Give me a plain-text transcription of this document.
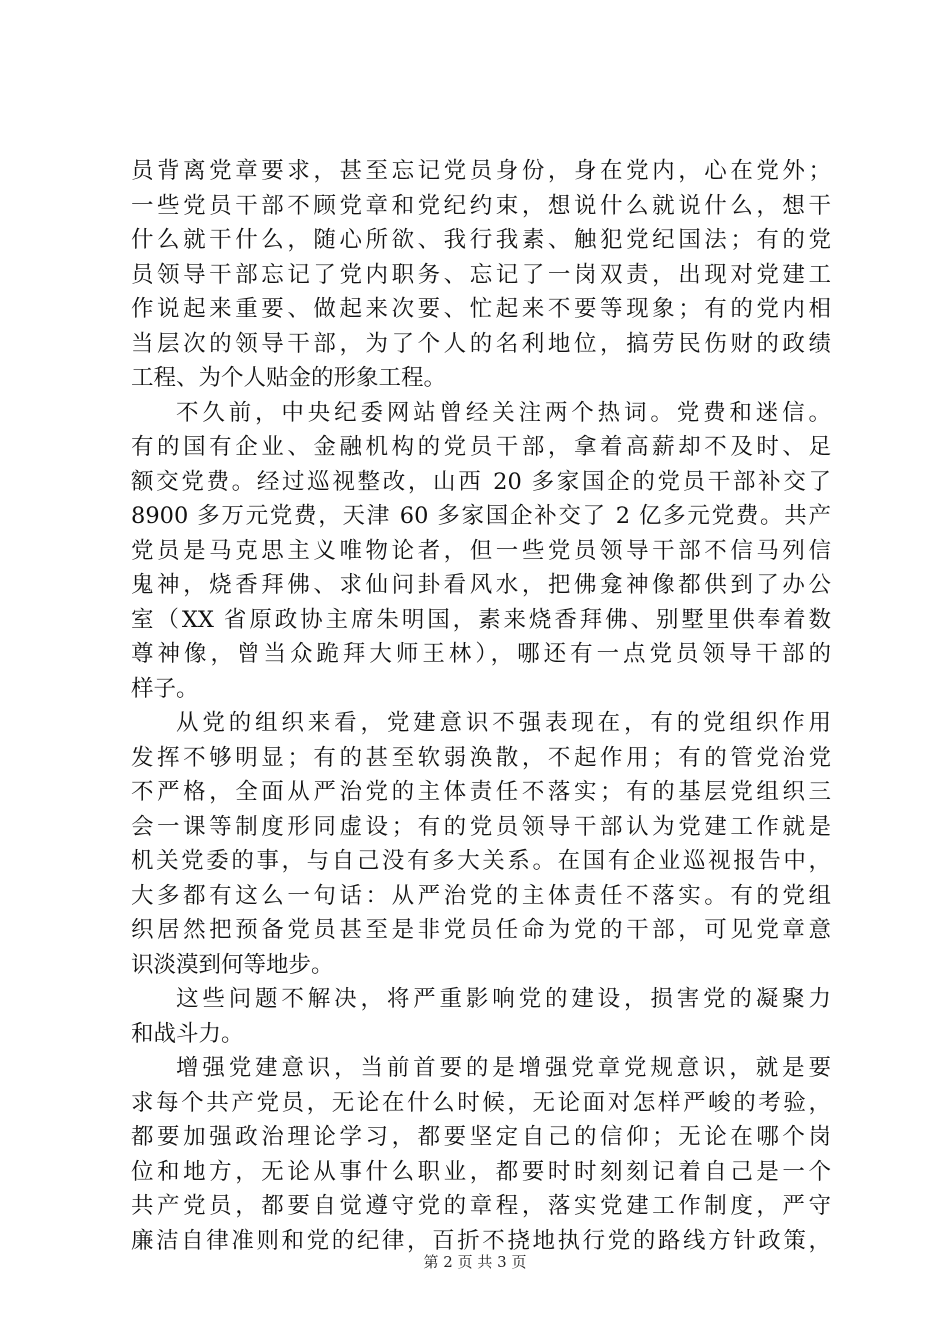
员背离党章要求，甚至忘记党员身份，身在党内，心在党外；
一些党员干部不顾党章和党纪约束，想说什么就说什么，想干
什么就干什么，随心所欲、我行我素、触犯党纪国法；有的党
员领导干部忘记了党内职务、忘记了一岗双责，出现对党建工
作说起来重要、做起来次要、忙起来不要等现象；有的党内相
当层次的领导干部，为了个人的名利地位，搞劳民伤财的政绩
工程、为个人贴金的形象工程。
不久前，中央纪委网站曾经关注两个热词。党费和迷信。
有的国有企业、金融机构的党员干部，拿着高薪却不及时、足
额交党费。经过巡视整改，山西 20 多家国企的党员干部补交了
8900 多万元党费，天津 60 多家国企补交了 2 亿多元党费。共产
党员是马克思主义唯物论者，但一些党员领导干部不信马列信
鬼神，烧香拜佛、求仙问卦看风水，把佛龛神像都供到了办公
室（XX 省原政协主席朱明国，素来烧香拜佛、别墅里供奉着数
尊神像，曾当众跪拜大师王林），哪还有一点党员领导干部的
样子。
从党的组织来看，党建意识不强表现在，有的党组织作用
发挥不够明显；有的甚至软弱涣散，不起作用；有的管党治党
不严格，全面从严治党的主体责任不落实；有的基层党组织三
会一课等制度形同虚设；有的党员领导干部认为党建工作就是
机关党委的事，与自己没有多大关系。在国有企业巡视报告中，
大多都有这么一句话：从严治党的主体责任不落实。有的党组
织居然把预备党员甚至是非党员任命为党的干部，可见党章意
识淡漠到何等地步。
这些问题不解决，将严重影响党的建设，损害党的凝聚力
和战斗力。
增强党建意识，当前首要的是增强党章党规意识，就是要
求每个共产党员，无论在什么时候，无论面对怎样严峻的考验，
都要加强政治理论学习，都要坚定自己的信仰；无论在哪个岗
位和地方，无论从事什么职业，都要时时刻刻记着自己是一个
共产党员，都要自觉遵守党的章程，落实党建工作制度，严守
廉洁自律准则和党的纪律，百折不挠地执行党的路线方针政策，
第 2 页 共 3 页
